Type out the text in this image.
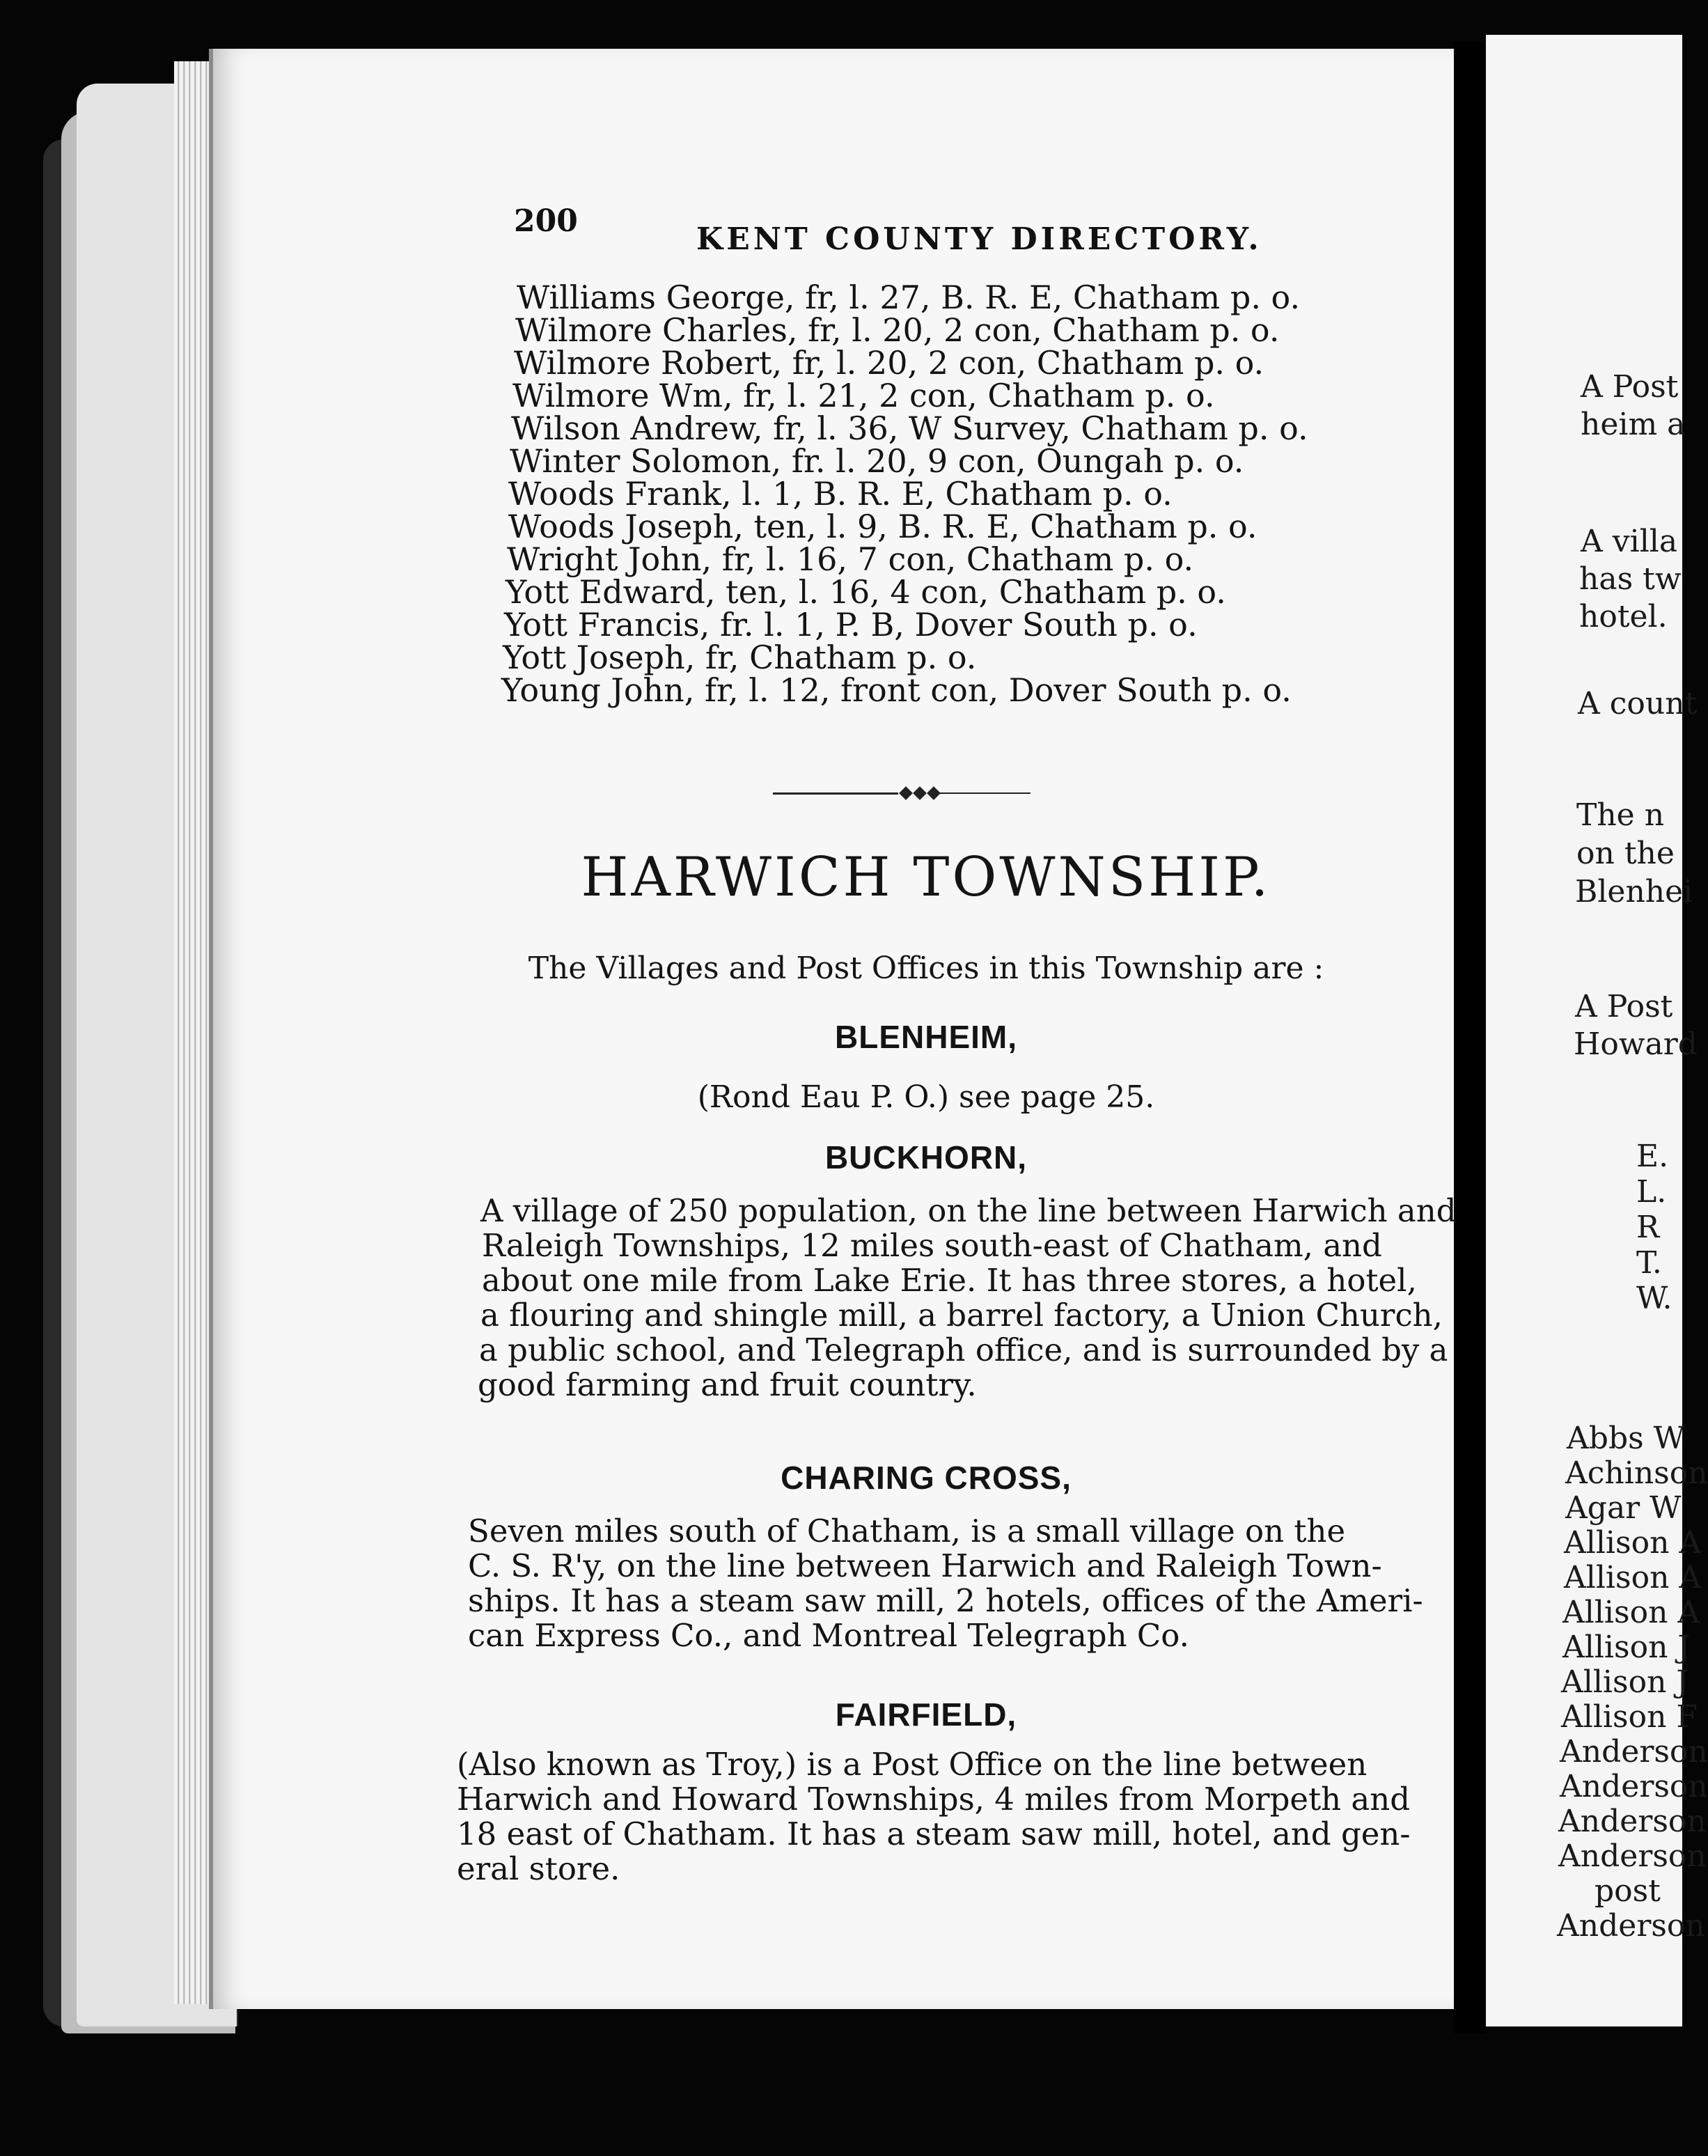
200
KENT COUNTY DIRECTORY.
Williams George, fr, l. 27, B. R. E, Chatham p. o.
Wilmore Charles, fr, l. 20, 2 con, Chatham p. o.
Wilmore Robert, fr, l. 20, 2 con, Chatham p. o.
Wilmore Wm, fr, l. 21, 2 con, Chatham p. o.
Wilson Andrew, fr, l. 36, W Survey, Chatham p. o.
Winter Solomon, fr. l. 20, 9 con, Oungah p. o.
Woods Frank, l. 1, B. R. E, Chatham p. o.
Woods Joseph, ten, l. 9, B. R. E, Chatham p. o.
Wright John, fr, l. 16, 7 con, Chatham p. o.
Yott Edward, ten, l. 16, 4 con, Chatham p. o.
Yott Francis, fr. l. 1, P. B, Dover South p. o.
Yott Joseph, fr, Chatham p. o.
Young John, fr, l. 12, front con, Dover South p. o.
HARWICH TOWNSHIP.
The Villages and Post Offices in this Township are :
BLENHEIM,
(Rond Eau P. O.) see page 25.
BUCKHORN,
A village of 250 population, on the line between Harwich and
Raleigh Townships, 12 miles south-east of Chatham, and
about one mile from Lake Erie. It has three stores, a hotel,
a flouring and shingle mill, a barrel factory, a Union Church,
a public school, and Telegraph office, and is surrounded by a
good farming and fruit country.
CHARING CROSS,
Seven miles south of Chatham, is a small village on the
C. S. R'y, on the line between Harwich and Raleigh Town-
ships. It has a steam saw mill, 2 hotels, offices of the Ameri-
can Express Co., and Montreal Telegraph Co.
FAIRFIELD,
(Also known as Troy,) is a Post Office on the line between
Harwich and Howard Townships, 4 miles from Morpeth and
18 east of Chatham. It has a steam saw mill, hotel, and gen-
eral store.
A Post
heim a
A villa
has tw
hotel.
A count
The n
on the
Blenhei
A Post
Howard
E.
L.
R
T.
W.
Abbs W
Achinson
Agar W
Allison A
Allison A
Allison A
Allison J
Allison J
Allison F
Anderson
Anderson
Anderson
Anderson
post
Anderson
